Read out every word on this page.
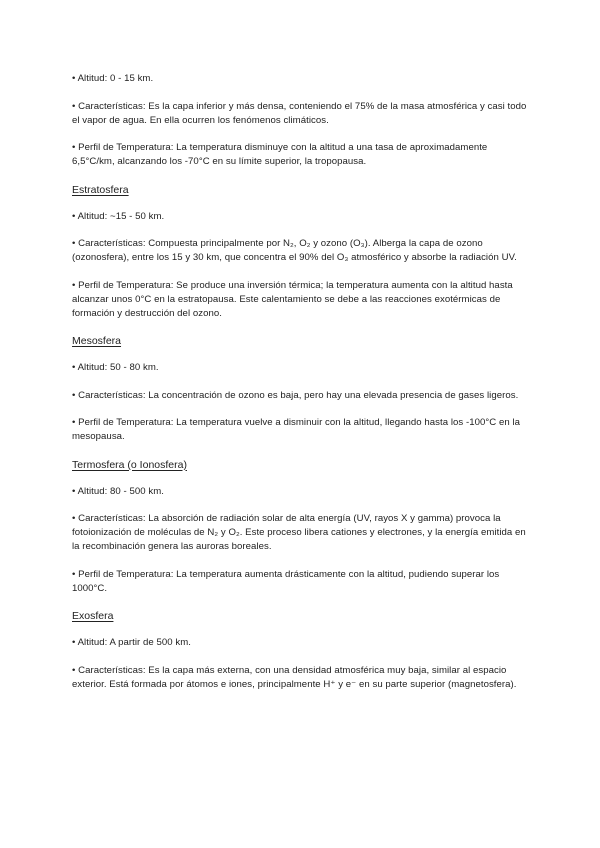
• Altitud: 0 - 15 km.
• Características: Es la capa inferior y más densa, conteniendo el 75% de la masa atmosférica y casi todo el vapor de agua. En ella ocurren los fenómenos climáticos.
• Perfil de Temperatura: La temperatura disminuye con la altitud a una tasa de aproximadamente 6,5°C/km, alcanzando los -70°C en su límite superior, la tropopausa.
Estratosfera
• Altitud: ~15 - 50 km.
• Características: Compuesta principalmente por N₂, O₂ y ozono (O₃). Alberga la capa de ozono (ozonosfera), entre los 15 y 30 km, que concentra el 90% del O₃ atmosférico y absorbe la radiación UV.
• Perfil de Temperatura: Se produce una inversión térmica; la temperatura aumenta con la altitud hasta alcanzar unos 0°C en la estratopausa. Este calentamiento se debe a las reacciones exotérmicas de formación y destrucción del ozono.
Mesosfera
• Altitud: 50 - 80 km.
• Características: La concentración de ozono es baja, pero hay una elevada presencia de gases ligeros.
• Perfil de Temperatura: La temperatura vuelve a disminuir con la altitud, llegando hasta los -100°C en la mesopausa.
Termosfera (o Ionosfera)
• Altitud: 80 - 500 km.
• Características: La absorción de radiación solar de alta energía (UV, rayos X y gamma) provoca la fotoionización de moléculas de N₂ y O₂. Este proceso libera cationes y electrones, y la energía emitida en la recombinación genera las auroras boreales.
• Perfil de Temperatura: La temperatura aumenta drásticamente con la altitud, pudiendo superar los 1000°C.
Exosfera
• Altitud: A partir de 500 km.
• Características: Es la capa más externa, con una densidad atmosférica muy baja, similar al espacio exterior. Está formada por átomos e iones, principalmente H⁺ y e⁻ en su parte superior (magnetosfera).
